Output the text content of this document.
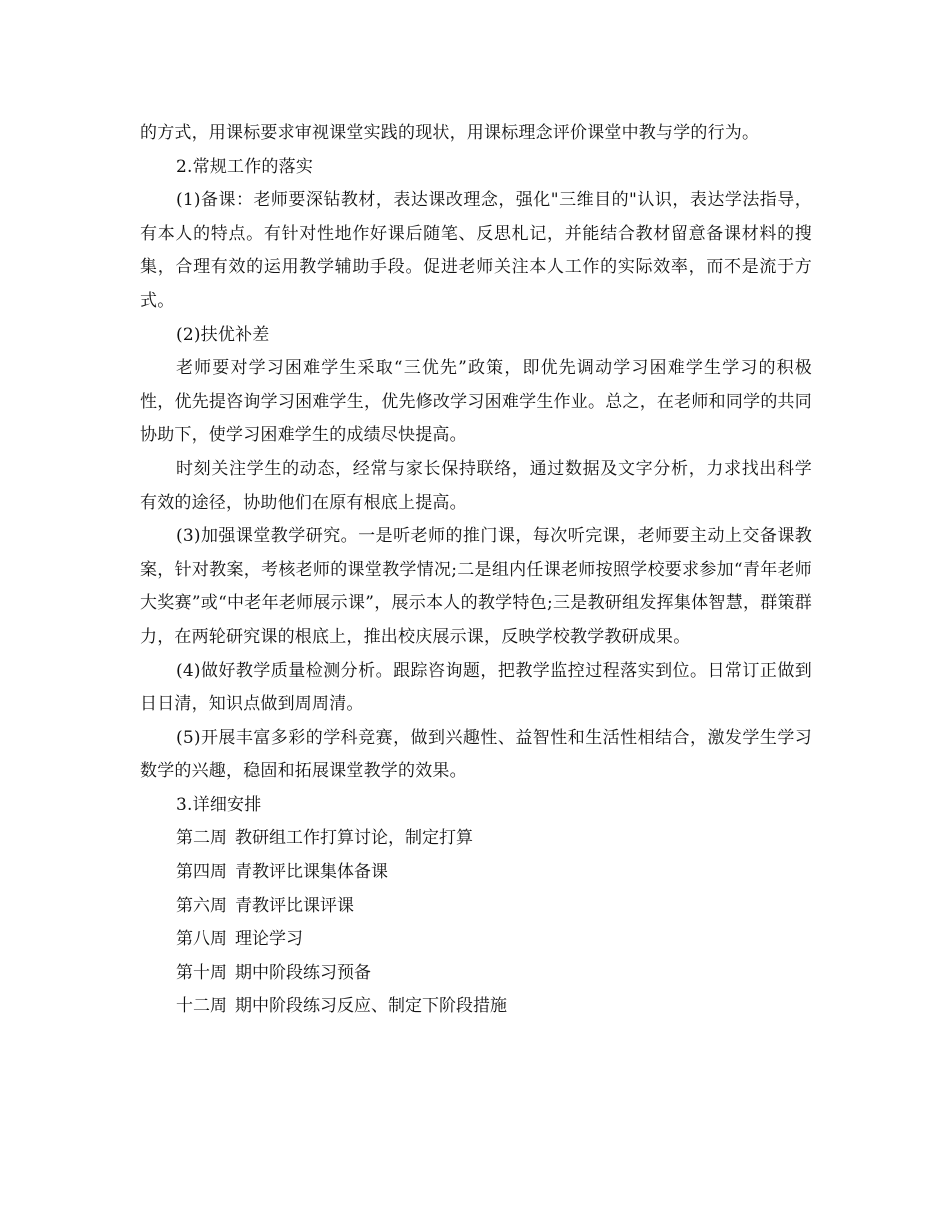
的方式，用课标要求审视课堂实践的现状，用课标理念评价课堂中教与学的行为。

2.常规工作的落实

(1)备课：老师要深钻教材，表达课改理念，强化"三维目的"认识，表达学法指导，有本人的特点。有针对性地作好课后随笔、反思札记，并能结合教材留意备课材料的搜集，合理有效的运用教学辅助手段。促进老师关注本人工作的实际效率，而不是流于方式。

(2)扶优补差

老师要对学习困难学生采取“三优先”政策，即优先调动学习困难学生学习的积极性，优先提咨询学习困难学生，优先修改学习困难学生作业。总之，在老师和同学的共同协助下，使学习困难学生的成绩尽快提高。

时刻关注学生的动态，经常与家长保持联络，通过数据及文字分析，力求找出科学有效的途径，协助他们在原有根底上提高。

(3)加强课堂教学研究。一是听老师的推门课，每次听完课，老师要主动上交备课教案，针对教案，考核老师的课堂教学情况;二是组内任课老师按照学校要求参加“青年老师大奖赛”或“中老年老师展示课”，展示本人的教学特色;三是教研组发挥集体智慧，群策群力，在两轮研究课的根底上，推出校庆展示课，反映学校教学教研成果。

(4)做好教学质量检测分析。跟踪咨询题，把教学监控过程落实到位。日常订正做到日日清，知识点做到周周清。

(5)开展丰富多彩的学科竞赛，做到兴趣性、益智性和生活性相结合，激发学生学习数学的兴趣，稳固和拓展课堂教学的效果。

3.详细安排

第二周 教研组工作打算讨论，制定打算

第四周 青教评比课集体备课

第六周 青教评比课评课

第八周 理论学习

第十周 期中阶段练习预备

十二周 期中阶段练习反应、制定下阶段措施
